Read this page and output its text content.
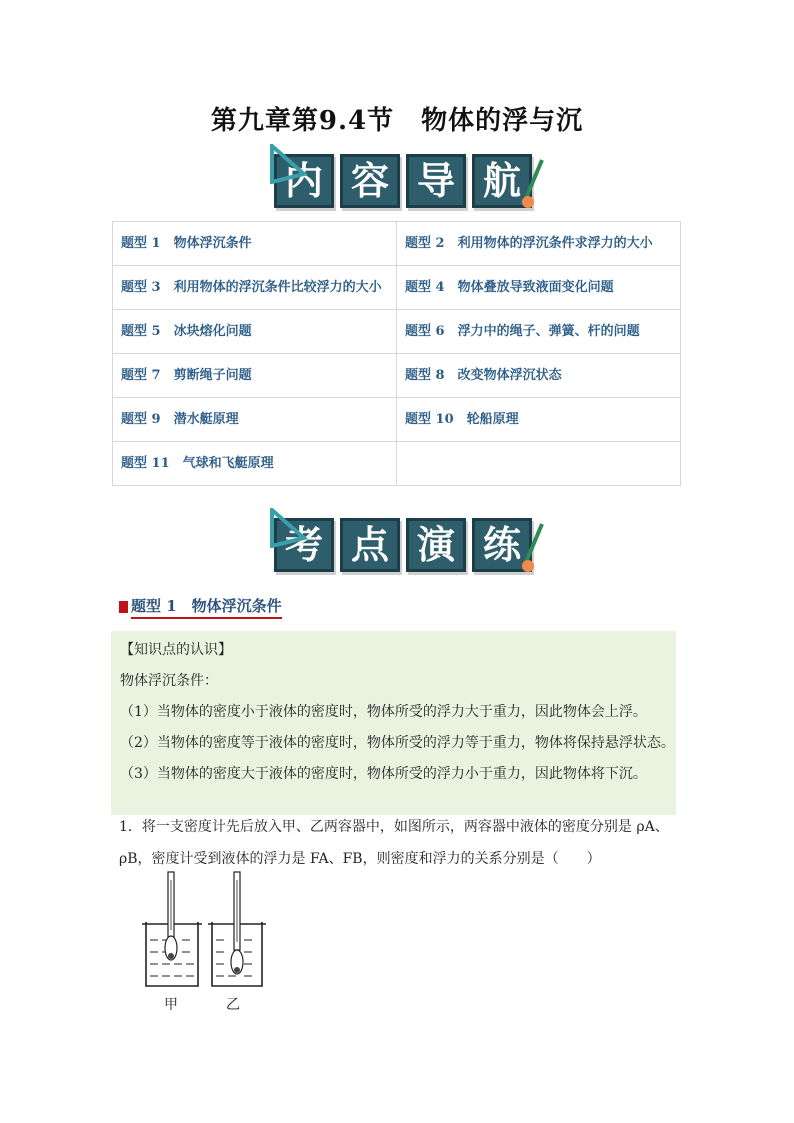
第九章第9.4节　物体的浮与沉
内 容 导 航
题型 1　物体浮沉条件	题型 2　利用物体的浮沉条件求浮力的大小
题型 3　利用物体的浮沉条件比较浮力的大小	题型 4　物体叠放导致液面变化问题
题型 5　冰块熔化问题	题型 6　浮力中的绳子、弹簧、杆的问题
题型 7　剪断绳子问题	题型 8　改变物体浮沉状态
题型 9　潜水艇原理	题型 10　轮船原理
题型 11　气球和飞艇原理	
考 点 演 练
题型 1　物体浮沉条件

【知识点的认识】

物体浮沉条件：

（1）当物体的密度小于液体的密度时，物体所受的浮力大于重力，因此物体会上浮。

（2）当物体的密度等于液体的密度时，物体所受的浮力等于重力，物体将保持悬浮状态。

（3）当物体的密度大于液体的密度时，物体所受的浮力小于重力，因此物体将下沉。

1．将一支密度计先后放入甲、乙两容器中，如图所示，两容器中液体的密度分别是 ρA、
ρB，密度计受到液体的浮力是 FA、FB，则密度和浮力的关系分别是（　　）
甲	乙
